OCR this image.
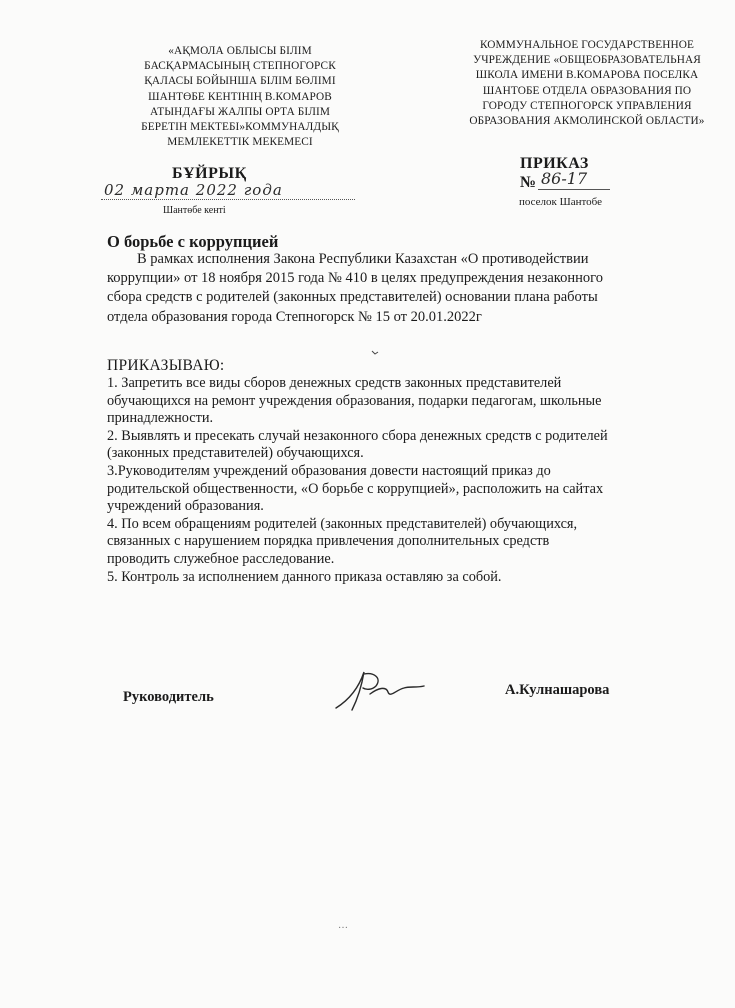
«АҚМОЛА ОБЛЫСЫ БІЛІМ
БАСҚАРМАСЫНЫҢ СТЕПНОГОРСК
ҚАЛАСЫ БОЙЫНША БІЛІМ БӨЛІМІ
ШАНТӨБЕ КЕНТІНІҢ В.КОМАРОВ
АТЫНДАҒЫ ЖАЛПЫ ОРТА БІЛІМ
БЕРЕТІН МЕКТЕБІ»КОММУНАЛДЫҚ
МЕМЛЕКЕТТІК МЕКЕМЕСІ
КОММУНАЛЬНОЕ ГОСУДАРСТВЕННОЕ
УЧРЕЖДЕНИЕ «ОБЩЕОБРАЗОВАТЕЛЬНАЯ
ШКОЛА ИМЕНИ В.КОМАРОВА ПОСЕЛКА
ШАНТОБЕ ОТДЕЛА ОБРАЗОВАНИЯ ПО
ГОРОДУ СТЕПНОГОРСК УПРАВЛЕНИЯ
ОБРАЗОВАНИЯ АКМОЛИНСКОЙ ОБЛАСТИ»
БҰЙРЫҚ
02 марта 2022 года
Шантөбе кенті
ПРИКАЗ
№ 86-17
поселок Шантобе
О борьбе с коррупцией
В рамках исполнения Закона Республики Казахстан «О противодействии
коррупции» от 18 ноября 2015 года № 410 в целях предупреждения незаконного
сбора средств с родителей (законных представителей) основании плана работы
отдела образования города Степногорск № 15 от 20.01.2022г
ПРИКАЗЫВАЮ:
1. Запретить все виды сборов денежных средств законных представителей
обучающихся на ремонт учреждения образования, подарки педагогам, школьные
принадлежности.
2. Выявлять и пресекать случай незаконного сбора денежных средств с родителей
(законных представителей) обучающихся.
3.Руководителям учреждений образования довести настоящий приказ до
родительской общественности, «О борьбе с коррупцией», расположить на сайтах
учреждений образования.
4. По всем обращениям родителей (законных представителей) обучающихся,
связанных с нарушением порядка привлечения дополнительных средств
проводить служебное расследование.
5. Контроль за исполнением данного приказа оставляю за собой.
Руководитель	А.Кулнашарова
…
